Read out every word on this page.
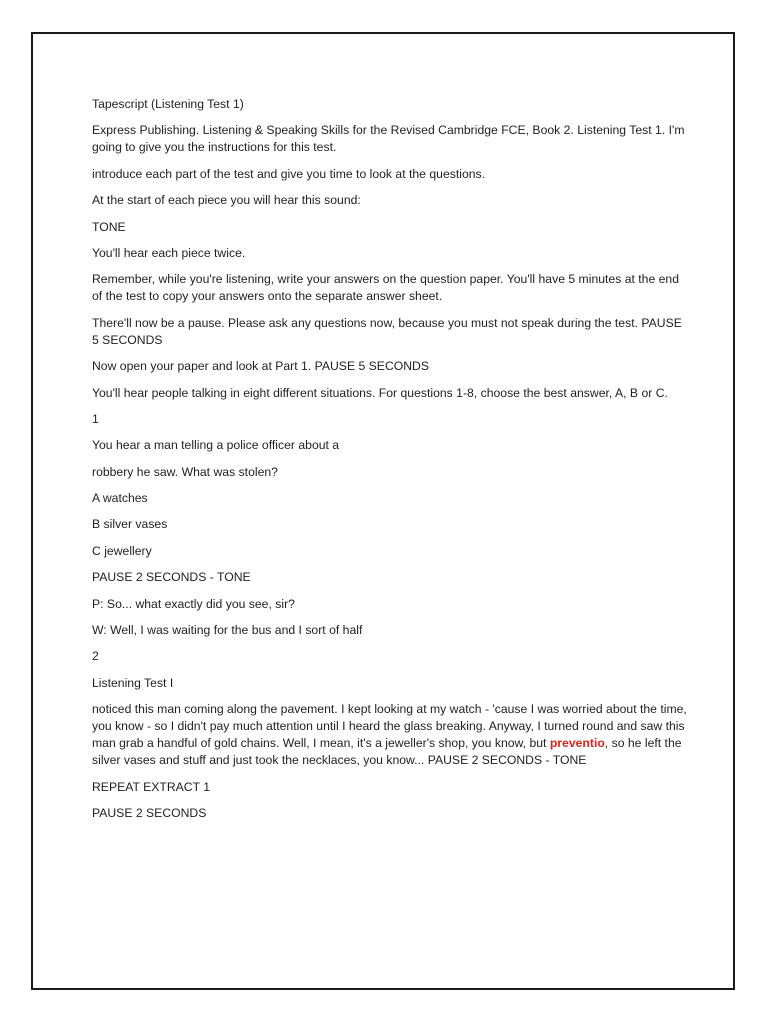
Tapescript (Listening Test 1)

Express Publishing. Listening & Speaking Skills for the Revised Cambridge FCE, Book 2. Listening Test 1. I'm going to give you the instructions for this test.

introduce each part of the test and give you time to look at the questions.

At the start of each piece you will hear this sound:

TONE

You'll hear each piece twice.

Remember, while you're listening, write your answers on the question paper. You'll have 5 minutes at the end of the test to copy your answers onto the separate answer sheet.

There'll now be a pause. Please ask any questions now, because you must not speak during the test. PAUSE 5 SECONDS

Now open your paper and look at Part 1. PAUSE 5 SECONDS

You'll hear people talking in eight different situations. For questions 1-8, choose the best answer, A, B or C.

1

You hear a man telling a police officer about a

robbery he saw. What was stolen?

A watches

B silver vases

C jewellery

PAUSE 2 SECONDS - TONE

P: So... what exactly did you see, sir?

W: Well, I was waiting for the bus and I sort of half

2

Listening Test I

noticed this man coming along the pavement. I kept looking at my watch - 'cause I was worried about the time, you know - so I didn't pay much attention until I heard the glass breaking. Anyway, I turned round and saw this man grab a handful of gold chains. Well, I mean, it's a jeweller's shop, you know, but preventio, so he left the silver vases and stuff and just took the necklaces, you know... PAUSE 2 SECONDS - TONE

REPEAT EXTRACT 1

PAUSE 2 SECONDS
